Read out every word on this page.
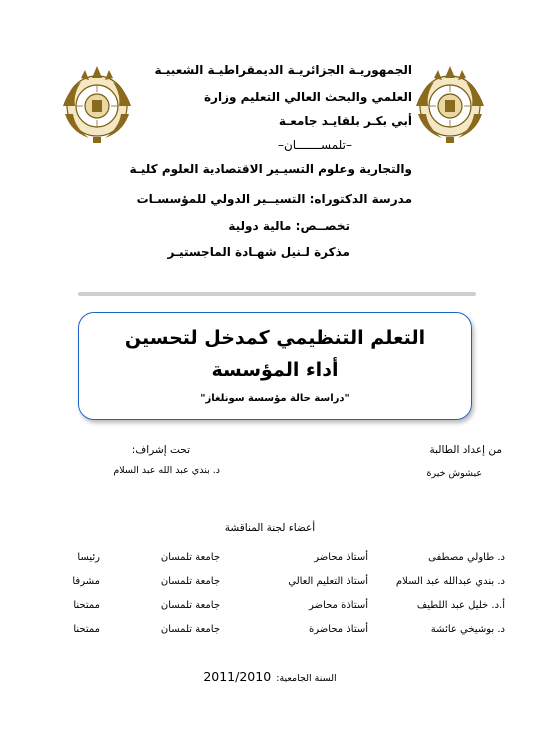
الجمهوريـة الجزائريـة الديمقراطيـة الشعبيـة
العلمي والبحث العالي التعليم وزارة
أبي بكـر بلقايـد جامعـة
–تلمســـــــان–
والتجارية وعلوم التسيـير الاقتصادية العلوم كليـة
مدرسة الدكتوراه: التسيــير الدولي للمؤسسـات
تخصــص: مالية دولية
مذكرة لـنيل شهـادة الماجستيـر
التعلم التنظيمي كمدخل لتحسين
أداء المؤسسة
"دراسة حالة مؤسسة سونلغاز"
من إعداد الطالبة
عيشوش خيرة
تحت إشراف:
د. بندي عبد الله عبد السلام
أعضاء لجنة المناقشة
د. طاولي مصطفى
أستاذ محاضر
جامعة تلمسان
رئيسا
د. بندي عبدالله عبد السلام
أستاذ التعليم العالي
جامعة تلمسان
مشرفا
أ.د. خليل عبد اللطيف
أستاذة محاضر
جامعة تلمسان
ممتحنا
د. بوشيخي عائشة
أستاذ محاضرة
جامعة تلمسان
ممتحنا
السنة الجامعية: 2011/2010
